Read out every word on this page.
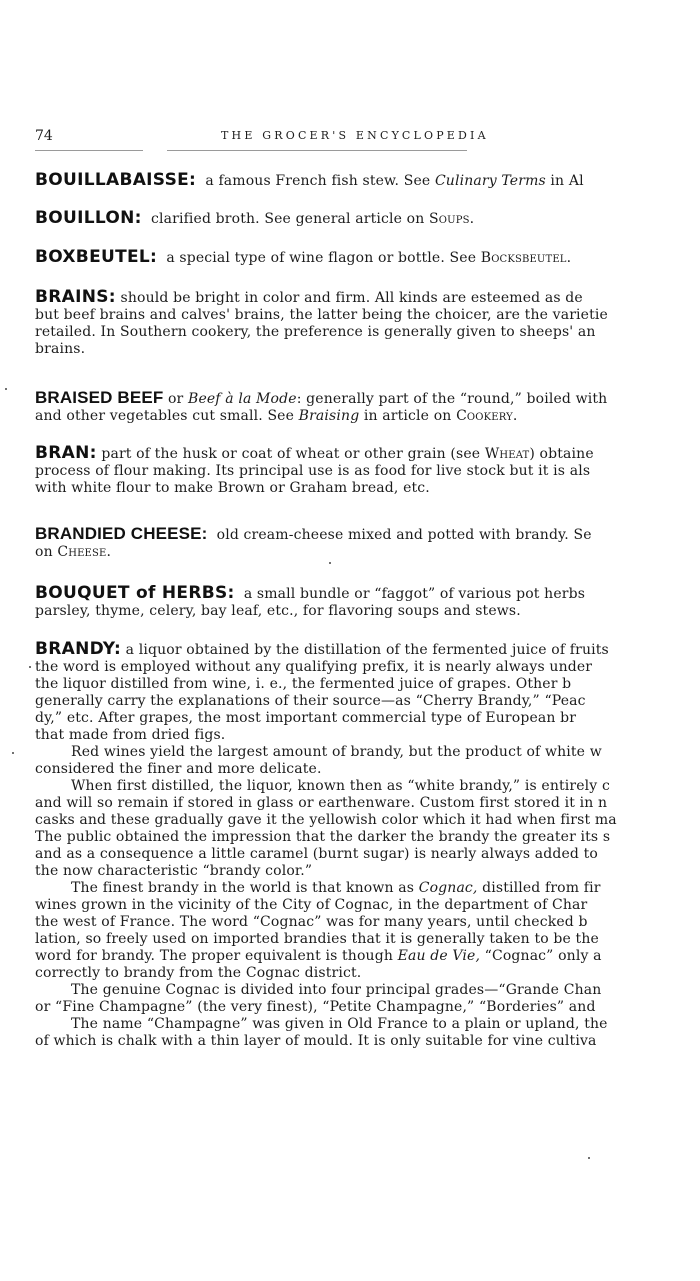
74	THE GROCER'S ENCYCLOPEDIA
BOUILLABAISSE: a famous French fish stew. See Culinary Terms in Al
BOUILLON: clarified broth. See general article on Soups.
BOXBEUTEL: a special type of wine flagon or bottle. See Bocksbeutel.
BRAINS: should be bright in color and firm. All kinds are esteemed as de
but beef brains and calves' brains, the latter being the choicer, are the varietie
retailed. In Southern cookery, the preference is generally given to sheeps' an
brains.
BRAISED BEEF or Beef à la Mode: generally part of the “round,” boiled with
and other vegetables cut small. See Braising in article on Cookery.
BRAN: part of the husk or coat of wheat or other grain (see Wheat) obtaine
process of flour making. Its principal use is as food for live stock but it is als
with white flour to make Brown or Graham bread, etc.
BRANDIED CHEESE: old cream-cheese mixed and potted with brandy. Se
on Cheese.
BOUQUET of HERBS: a small bundle or “faggot” of various pot herbs
parsley, thyme, celery, bay leaf, etc., for flavoring soups and stews.
BRANDY: a liquor obtained by the distillation of the fermented juice of fruits
the word is employed without any qualifying prefix, it is nearly always under
the liquor distilled from wine, i. e., the fermented juice of grapes. Other b
generally carry the explanations of their source—as “Cherry Brandy,” “Peac
dy,” etc. After grapes, the most important commercial type of European br
that made from dried figs.
Red wines yield the largest amount of brandy, but the product of white w
considered the finer and more delicate.
When first distilled, the liquor, known then as “white brandy,” is entirely c
and will so remain if stored in glass or earthenware. Custom first stored it in n
casks and these gradually gave it the yellowish color which it had when first ma
The public obtained the impression that the darker the brandy the greater its s
and as a consequence a little caramel (burnt sugar) is nearly always added to
the now characteristic “brandy color.”
The finest brandy in the world is that known as Cognac, distilled from fir
wines grown in the vicinity of the City of Cognac, in the department of Char
the west of France. The word “Cognac” was for many years, until checked b
lation, so freely used on imported brandies that it is generally taken to be the
word for brandy. The proper equivalent is though Eau de Vie, “Cognac” only a
correctly to brandy from the Cognac district.
The genuine Cognac is divided into four principal grades—“Grande Chan
or “Fine Champagne” (the very finest), “Petite Champagne,” “Borderies” and
The name “Champagne” was given in Old France to a plain or upland, the
of which is chalk with a thin layer of mould. It is only suitable for vine cultiva
